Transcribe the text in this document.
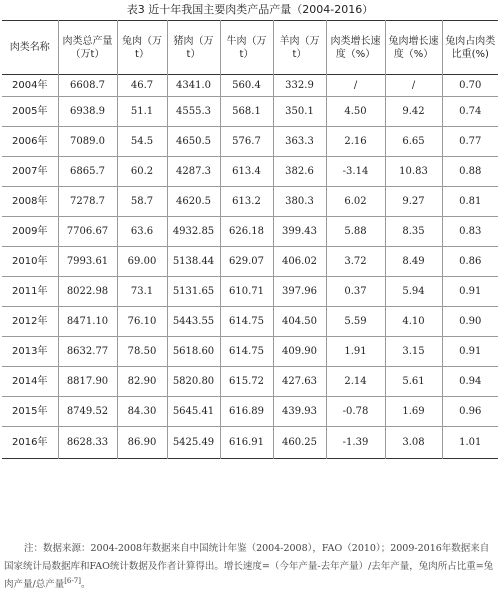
表3 近十年我国主要肉类产品产量（2004-2016）
肉类名称	肉类总产量（万t）	兔肉（万t）	猪肉（万t）	牛肉（万t）	羊肉（万t）	肉类增长速度（%）	兔肉增长速度（%）	兔肉占肉类比重(%)
2004年	6608.7	46.7	4341.0	560.4	332.9	/	/	0.70
2005年	6938.9	51.1	4555.3	568.1	350.1	4.50	9.42	0.74
2006年	7089.0	54.5	4650.5	576.7	363.3	2.16	6.65	0.77
2007年	6865.7	60.2	4287.3	613.4	382.6	-3.14	10.83	0.88
2008年	7278.7	58.7	4620.5	613.2	380.3	6.02	9.27	0.81
2009年	7706.67	63.6	4932.85	626.18	399.43	5.88	8.35	0.83
2010年	7993.61	69.00	5138.44	629.07	406.02	3.72	8.49	0.86
2011年	8022.98	73.1	5131.65	610.71	397.96	0.37	5.94	0.91
2012年	8471.10	76.10	5443.55	614.75	404.50	5.59	4.10	0.90
2013年	8632.77	78.50	5618.60	614.75	409.90	1.91	3.15	0.91
2014年	8817.90	82.90	5820.80	615.72	427.63	2.14	5.61	0.94
2015年	8749.52	84.30	5645.41	616.89	439.93	-0.78	1.69	0.96
2016年	8628.33	86.90	5425.49	616.91	460.25	-1.39	3.08	1.01
注：数据来源：2004-2008年数据来自中国统计年鉴（2004-2008），FAO（2010）；2009-2016年数据来自国家统计局数据库和FAO统计数据及作者计算得出。增长速度=（今年产量-去年产量）/去年产量，兔肉所占比重=兔肉产量/总产量[6-7]。
